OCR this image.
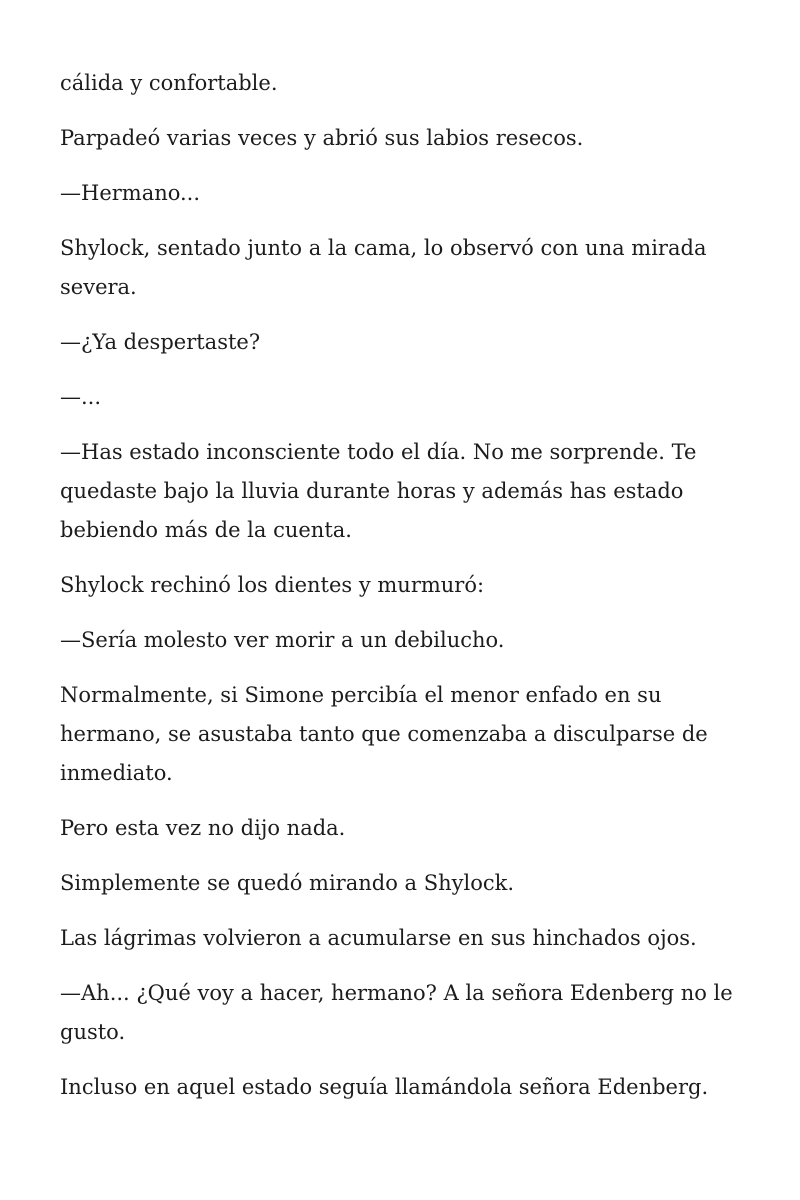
cálida y confortable.

Parpadeó varias veces y abrió sus labios resecos.

—Hermano...

Shylock, sentado junto a la cama, lo observó con una mirada severa.

—¿Ya despertaste?

—...

—Has estado inconsciente todo el día. No me sorprende. Te quedaste bajo la lluvia durante horas y además has estado bebiendo más de la cuenta.

Shylock rechinó los dientes y murmuró:

—Sería molesto ver morir a un debilucho.

Normalmente, si Simone percibía el menor enfado en su hermano, se asustaba tanto que comenzaba a disculparse de inmediato.

Pero esta vez no dijo nada.

Simplemente se quedó mirando a Shylock.

Las lágrimas volvieron a acumularse en sus hinchados ojos.

—Ah... ¿Qué voy a hacer, hermano? A la señora Edenberg no le gusto.

Incluso en aquel estado seguía llamándola señora Edenberg.
